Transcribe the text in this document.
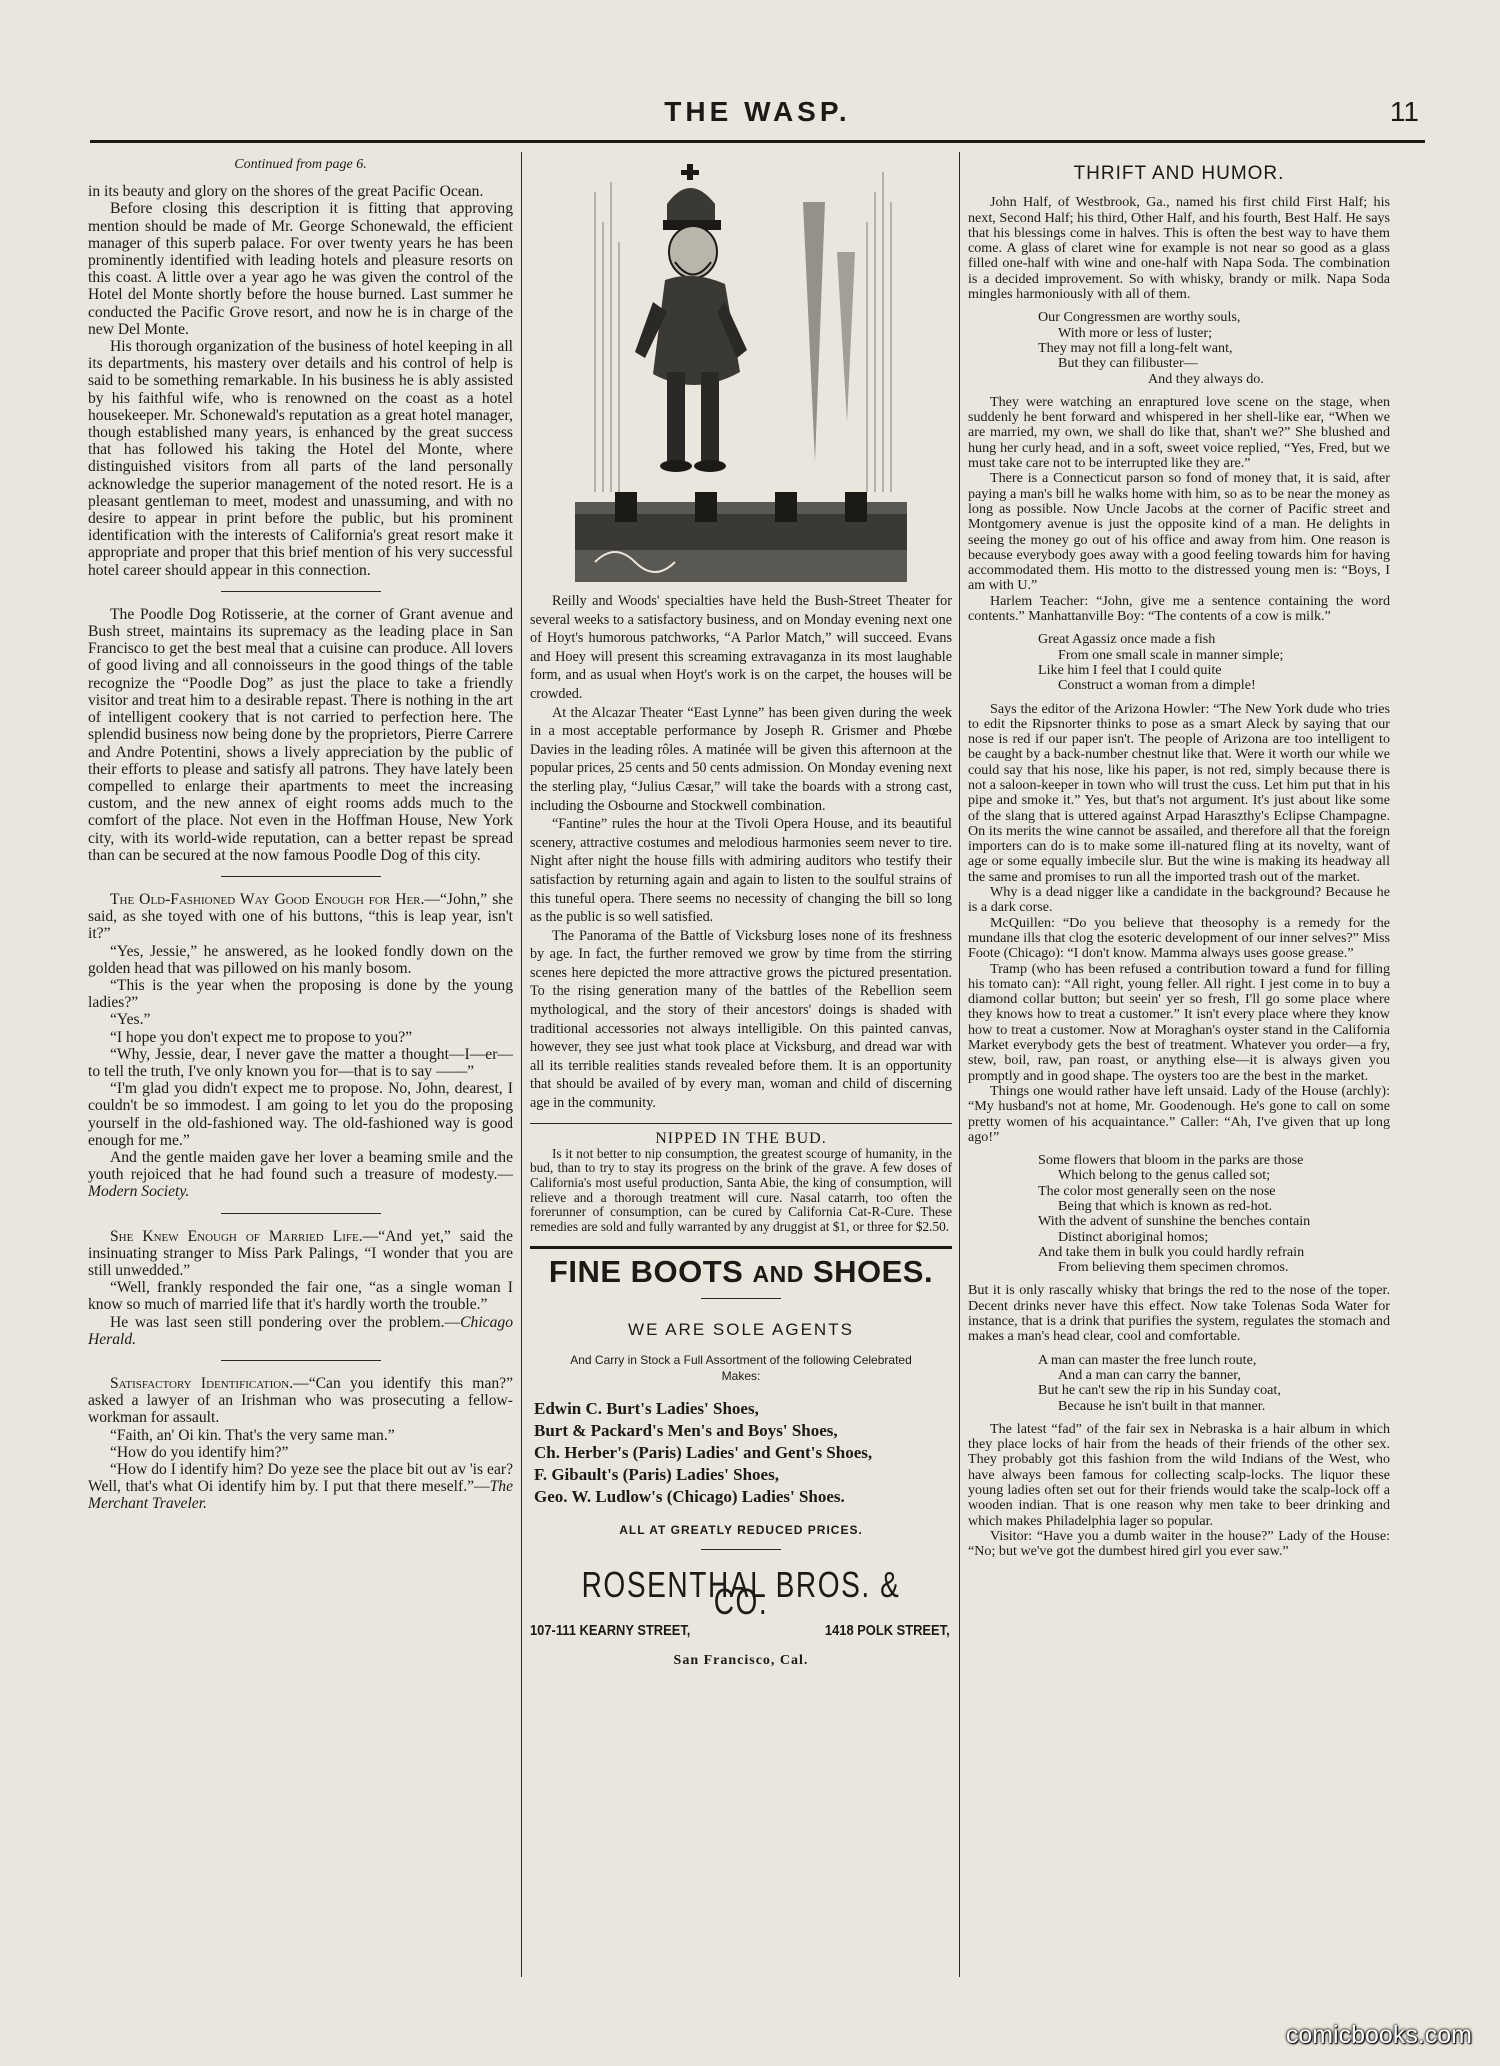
THE WASP.	11

Continued from page 6.

in its beauty and glory on the shores of the great Pacific Ocean.

Before closing this description it is fitting that approving mention should be made of Mr. George Schonewald, the efficient manager of this superb palace. For over twenty years he has been prominently identified with leading hotels and pleasure resorts on this coast. A little over a year ago he was given the control of the Hotel del Monte shortly before the house burned. Last summer he conducted the Pacific Grove resort, and now he is in charge of the new Del Monte.

His thorough organization of the business of hotel keeping in all its departments, his mastery over details and his control of help is said to be something remarkable. In his business he is ably assisted by his faithful wife, who is renowned on the coast as a hotel housekeeper. Mr. Schonewald's reputation as a great hotel manager, though established many years, is enhanced by the great success that has followed his taking the Hotel del Monte, where distinguished visitors from all parts of the land personally acknowledge the superior management of the noted resort. He is a pleasant gentleman to meet, modest and unassuming, and with no desire to appear in print before the public, but his prominent identification with the interests of California's great resort make it appropriate and proper that this brief mention of his very successful hotel career should appear in this connection.

The Poodle Dog Rotisserie, at the corner of Grant avenue and Bush street, maintains its supremacy as the leading place in San Francisco to get the best meal that a cuisine can produce. All lovers of good living and all connoisseurs in the good things of the table recognize the “Poodle Dog” as just the place to take a friendly visitor and treat him to a desirable repast. There is nothing in the art of intelligent cookery that is not carried to perfection here. The splendid business now being done by the proprietors, Pierre Carrere and Andre Potentini, shows a lively appreciation by the public of their efforts to please and satisfy all patrons. They have lately been compelled to enlarge their apartments to meet the increasing custom, and the new annex of eight rooms adds much to the comfort of the place. Not even in the Hoffman House, New York city, with its world-wide reputation, can a better repast be spread than can be secured at the now famous Poodle Dog of this city.

The Old-Fashioned Way Good Enough for Her.—“John,” she said, as she toyed with one of his buttons, “this is leap year, isn't it?”

“Yes, Jessie,” he answered, as he looked fondly down on the golden head that was pillowed on his manly bosom.

“This is the year when the proposing is done by the young ladies?”

“Yes.”

“I hope you don't expect me to propose to you?”

“Why, Jessie, dear, I never gave the matter a thought—I—er—to tell the truth, I've only known you for—that is to say ——”

“I'm glad you didn't expect me to propose. No, John, dearest, I couldn't be so immodest. I am going to let you do the proposing yourself in the old-fashioned way. The old-fashioned way is good enough for me.”

And the gentle maiden gave her lover a beaming smile and the youth rejoiced that he had found such a treasure of modesty.—Modern Society.

She Knew Enough of Married Life.—“And yet,” said the insinuating stranger to Miss Park Palings, “I wonder that you are still unwedded.”

“Well, frankly responded the fair one, “as a single woman I know so much of married life that it's hardly worth the trouble.”

He was last seen still pondering over the problem.—Chicago Herald.

Satisfactory Identification.—“Can you identify this man?” asked a lawyer of an Irishman who was prosecuting a fellow-workman for assault.

“Faith, an' Oi kin. That's the very same man.”

“How do you identify him?”

“How do I identify him? Do yeze see the place bit out av 'is ear? Well, that's what Oi identify him by. I put that there meself.”—The Merchant Traveler.

Reilly and Woods' specialties have held the Bush-Street Theater for several weeks to a satisfactory business, and on Monday evening next one of Hoyt's humorous patchworks, “A Parlor Match,” will succeed. Evans and Hoey will present this screaming extravaganza in its most laughable form, and as usual when Hoyt's work is on the carpet, the houses will be crowded.

At the Alcazar Theater “East Lynne” has been given during the week in a most acceptable performance by Joseph R. Grismer and Phœbe Davies in the leading rôles. A matinée will be given this afternoon at the popular prices, 25 cents and 50 cents admission. On Monday evening next the sterling play, “Julius Cæsar,” will take the boards with a strong cast, including the Osbourne and Stockwell combination.

“Fantine” rules the hour at the Tivoli Opera House, and its beautiful scenery, attractive costumes and melodious harmonies seem never to tire. Night after night the house fills with admiring auditors who testify their satisfaction by returning again and again to listen to the soulful strains of this tuneful opera. There seems no necessity of changing the bill so long as the public is so well satisfied.

The Panorama of the Battle of Vicksburg loses none of its freshness by age. In fact, the further removed we grow by time from the stirring scenes here depicted the more attractive grows the pictured presentation. To the rising generation many of the battles of the Rebellion seem mythological, and the story of their ancestors' doings is shaded with traditional accessories not always intelligible. On this painted canvas, however, they see just what took place at Vicksburg, and dread war with all its terrible realities stands revealed before them. It is an opportunity that should be availed of by every man, woman and child of discerning age in the community.

NIPPED IN THE BUD.

Is it not better to nip consumption, the greatest scourge of humanity, in the bud, than to try to stay its progress on the brink of the grave. A few doses of California's most useful production, Santa Abie, the king of consumption, will relieve and a thorough treatment will cure. Nasal catarrh, too often the forerunner of consumption, can be cured by California Cat-R-Cure. These remedies are sold and fully warranted by any druggist at $1, or three for $2.50.

FINE BOOTS AND SHOES.
WE ARE SOLE AGENTS
And Carry in Stock a Full Assortment of the following Celebrated Makes:
Edwin C. Burt's Ladies' Shoes,
Burt & Packard's Men's and Boys' Shoes,
Ch. Herber's (Paris) Ladies' and Gent's Shoes,
F. Gibault's (Paris) Ladies' Shoes,
Geo. W. Ludlow's (Chicago) Ladies' Shoes.
ALL AT GREATLY REDUCED PRICES.
ROSENTHAL BROS. & CO.
107-111 KEARNY STREET,	1418 POLK STREET,
San Francisco, Cal.

THRIFT AND HUMOR.

John Half, of Westbrook, Ga., named his first child First Half; his next, Second Half; his third, Other Half, and his fourth, Best Half. He says that his blessings come in halves. This is often the best way to have them come. A glass of claret wine for example is not near so good as a glass filled one-half with wine and one-half with Napa Soda. The combination is a decided improvement. So with whisky, brandy or milk. Napa Soda mingles harmoniously with all of them.

Our Congressmen are worthy souls,
With more or less of luster;
They may not fill a long-felt want,
But they can filibuster—
And they always do.

They were watching an enraptured love scene on the stage, when suddenly he bent forward and whispered in her shell-like ear, “When we are married, my own, we shall do like that, shan't we?” She blushed and hung her curly head, and in a soft, sweet voice replied, “Yes, Fred, but we must take care not to be interrupted like they are.”

There is a Connecticut parson so fond of money that, it is said, after paying a man's bill he walks home with him, so as to be near the money as long as possible. Now Uncle Jacobs at the corner of Pacific street and Montgomery avenue is just the opposite kind of a man. He delights in seeing the money go out of his office and away from him. One reason is because everybody goes away with a good feeling towards him for having accommodated them. His motto to the distressed young men is: “Boys, I am with U.”

Harlem Teacher: “John, give me a sentence containing the word contents.” Manhattanville Boy: “The contents of a cow is milk.”

Great Agassiz once made a fish
From one small scale in manner simple;
Like him I feel that I could quite
Construct a woman from a dimple!

Says the editor of the Arizona Howler: “The New York dude who tries to edit the Ripsnorter thinks to pose as a smart Aleck by saying that our nose is red if our paper isn't. The people of Arizona are too intelligent to be caught by a back-number chestnut like that. Were it worth our while we could say that his nose, like his paper, is not red, simply because there is not a saloon-keeper in town who will trust the cuss. Let him put that in his pipe and smoke it.” Yes, but that's not argument. It's just about like some of the slang that is uttered against Arpad Haraszthy's Eclipse Champagne. On its merits the wine cannot be assailed, and therefore all that the foreign importers can do is to make some ill-natured fling at its novelty, want of age or some equally imbecile slur. But the wine is making its headway all the same and promises to run all the imported trash out of the market.

Why is a dead nigger like a candidate in the background? Because he is a dark corse.

McQuillen: “Do you believe that theosophy is a remedy for the mundane ills that clog the esoteric development of our inner selves?” Miss Foote (Chicago): “I don't know. Mamma always uses goose grease.”

Tramp (who has been refused a contribution toward a fund for filling his tomato can): “All right, young feller. All right. I jest come in to buy a diamond collar button; but seein' yer so fresh, I'll go some place where they knows how to treat a customer.” It isn't every place where they know how to treat a customer. Now at Moraghan's oyster stand in the California Market everybody gets the best of treatment. Whatever you order—a fry, stew, boil, raw, pan roast, or anything else—it is always given you promptly and in good shape. The oysters too are the best in the market.

Things one would rather have left unsaid. Lady of the House (archly): “My husband's not at home, Mr. Goodenough. He's gone to call on some pretty women of his acquaintance.” Caller: “Ah, I've given that up long ago!”

Some flowers that bloom in the parks are those
Which belong to the genus called sot;
The color most generally seen on the nose
Being that which is known as red-hot.
With the advent of sunshine the benches contain
Distinct aboriginal homos;
And take them in bulk you could hardly refrain
From believing them specimen chromos.

But it is only rascally whisky that brings the red to the nose of the toper. Decent drinks never have this effect. Now take Tolenas Soda Water for instance, that is a drink that purifies the system, regulates the stomach and makes a man's head clear, cool and comfortable.

A man can master the free lunch route,
And a man can carry the banner,
But he can't sew the rip in his Sunday coat,
Because he isn't built in that manner.

The latest “fad” of the fair sex in Nebraska is a hair album in which they place locks of hair from the heads of their friends of the other sex. They probably got this fashion from the wild Indians of the West, who have always been famous for collecting scalp-locks. The liquor these young ladies often set out for their friends would take the scalp-lock off a wooden indian. That is one reason why men take to beer drinking and which makes Philadelphia lager so popular.

Visitor: “Have you a dumb waiter in the house?” Lady of the House: “No; but we've got the dumbest hired girl you ever saw.”

comicbooks.com
